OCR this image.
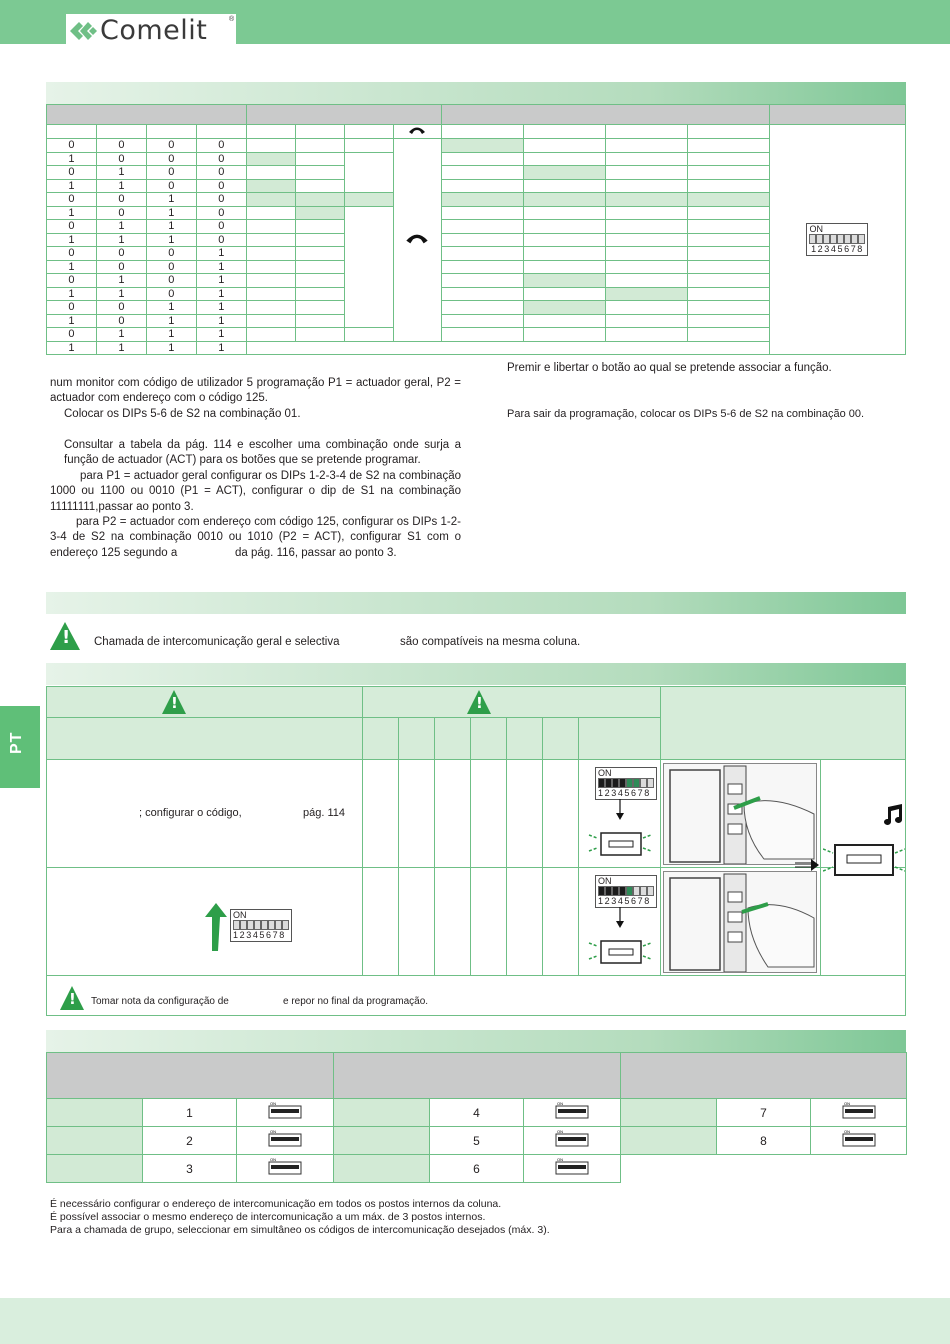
Comelit	®

ON
12345678

0	0	0	0								
1	0	0	0									
0	1	0	0									
1	1	0	0									
0	0	1	0									
1	0	1	0									
0	1	1	0									
1	1	1	0									
0	0	0	1									
1	0	0	1									
0	1	0	1									
1	1	0	1									
0	0	1	1									
1	0	1	1									
0	1	1	1									
1	1	1	1									
num monitor com código de utilizador 5 programação P1 = actuador geral, P2 = actuador com endereço com o código 125.
Colocar os DIPs 5-6 de S2 na combinação 01.
Consultar a tabela da pág. 114 e escolher uma combinação onde surja a função de actuador (ACT) para os botões que se pretende programar.
para P1 = actuador geral configurar os DIPs 1-2-3-4 de S2 na combinação 1000 ou 1100 ou 0010 (P1 = ACT), configurar o dip de S1 na combinação 11111111,passar ao ponto 3.
para P2 = actuador com endereço com código 125, configurar os DIPs 1-2-3-4 de S2 na combinação 0010 ou 1010 (P2 = ACT), configurar S1 com o endereço 125 segundo a	da pág. 116, passar ao ponto 3.
Premir e libertar o botão ao qual se pretende associar a função.
Para sair da programação, colocar os DIPs 5-6 de S2 na combinação 00.
! Chamada de intercomunicação geral e selectiva	são compatíveis na mesma coluna.
!	!
; configurar o código,	pág. 114
ON
12345678
ON
12345678
ON
12345678
! Tomar nota da configuração de	e repor no final da programação.

	1	ON		4	ON		7	ON

	2	ON		5	ON		8	ON

	3	ON		6	ON			

É necessário configurar o endereço de intercomunicação em todos os postos internos da coluna.
É possível associar o mesmo endereço de intercomunicação a um máx. de 3 postos internos.
Para a chamada de grupo, seleccionar em simultâneo os códigos de intercomunicação desejados (máx. 3).
PT
